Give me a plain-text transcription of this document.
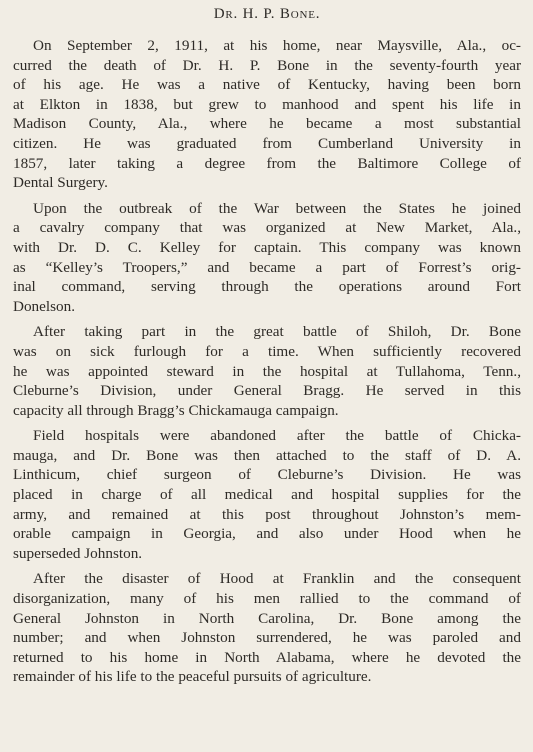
Dr. H. P. Bone.
On September 2, 1911, at his home, near Maysville, Ala., oc-
curred the death of Dr. H. P. Bone in the seventy-fourth year
of his age. He was a native of Kentucky, having been born
at Elkton in 1838, but grew to manhood and spent his life in
Madison County, Ala., where he became a most substantial
citizen. He was graduated from Cumberland University in
1857, later taking a degree from the Baltimore College of
Dental Surgery.
Upon the outbreak of the War between the States he joined
a cavalry company that was organized at New Market, Ala.,
with Dr. D. C. Kelley for captain. This company was known
as “Kelley’s Troopers,” and became a part of Forrest’s orig-
inal command, serving through the operations around Fort
Donelson.
After taking part in the great battle of Shiloh, Dr. Bone
was on sick furlough for a time. When sufficiently recovered
he was appointed steward in the hospital at Tullahoma, Tenn.,
Cleburne’s Division, under General Bragg. He served in this
capacity all through Bragg’s Chickamauga campaign.
Field hospitals were abandoned after the battle of Chicka-
mauga, and Dr. Bone was then attached to the staff of D. A.
Linthicum, chief surgeon of Cleburne’s Division. He was
placed in charge of all medical and hospital supplies for the
army, and remained at this post throughout Johnston’s mem-
orable campaign in Georgia, and also under Hood when he
superseded Johnston.
After the disaster of Hood at Franklin and the consequent
disorganization, many of his men rallied to the command of
General Johnston in North Carolina, Dr. Bone among the
number; and when Johnston surrendered, he was paroled and
returned to his home in North Alabama, where he devoted the
remainder of his life to the peaceful pursuits of agriculture.
